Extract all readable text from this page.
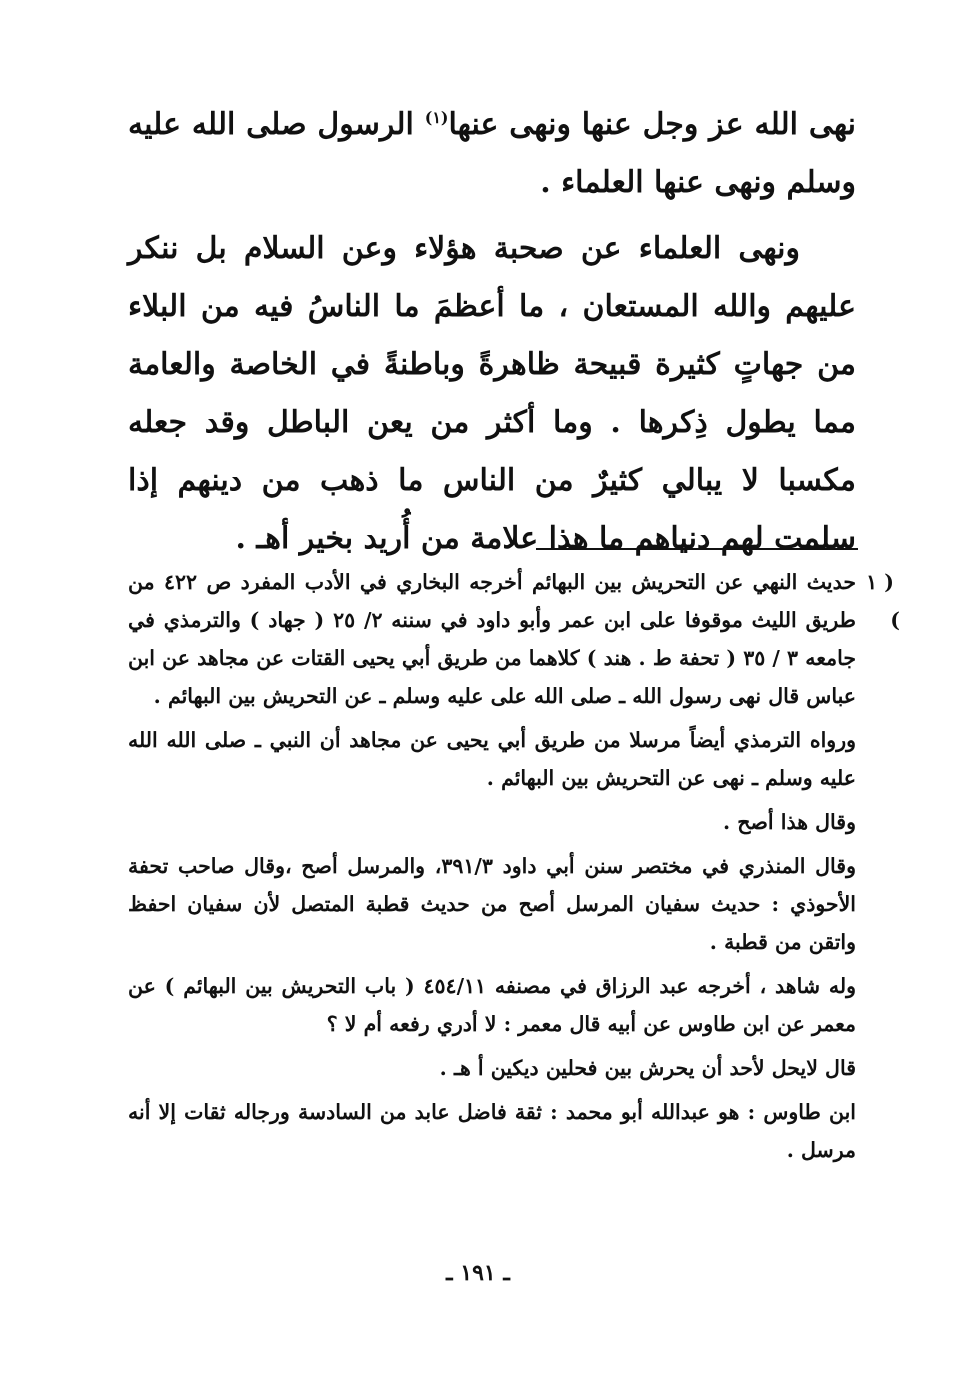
نهى الله عز وجل عنها ونهى عنها$^{(١)}$ الرسول صلى الله عليه وسلم ونهى عنها العلماء .

ونهى العلماء عن صحبة هؤلاء وعن السلام بل ننكر عليهم والله المستعان ، ما أعظمَ ما الناسُ فيه من البلاء من جهاتٍ كثيرة قبيحة ظاهرةً وباطنةً في الخاصة والعامة مما يطول ذِكرها . وما أكثر من يعن الباطل وقد جعله مكسبا لا يبالي كثيرٌ من الناس ما ذهب من دينهم إذا سلمت لهم دنياهم ما هذا علامة من أُريد بخير أهـ .

( ١ )
حديث النهي عن التحريش بين البهائم أخرجه البخاري في الأدب المفرد ص ٤٢٢ من طريق الليث موقوفا على ابن عمر وأبو داود في سننه ٢/ ٢٥ ( جهاد ) والترمذي في جامعه ٣ / ٣٥ ( تحفة ط . هند ) كلاهما من طريق أبي يحيى القتات عن مجاهد عن ابن عباس قال نهى رسول الله ـ صلى الله على عليه وسلم ـ عن التحريش بين البهائم .

ورواه الترمذي أيضاً مرسلا من طريق أبي يحيى عن مجاهد أن النبي ـ صلى الله الله عليه وسلم ـ نهى عن التحريش بين البهائم .

وقال هذا أصح .

وقال المنذري في مختصر سنن أبي داود ٣٩١/٣، والمرسل أصح ،وقال صاحب تحفة الأحوذي : حديث سفيان المرسل أصح من حديث قطبة المتصل لأن سفيان احفظ واتقن من قطبة .

وله شاهد ، أخرجه عبد الرزاق في مصنفه ٤٥٤/١١ ( باب التحريش بين البهائم ) عن معمر عن ابن طاوس عن أبيه قال معمر : لا أدري رفعه أم لا ؟

قال لايحل لأحد أن يحرش بين فحلين ديكين أ هـ .

ابن طاوس : هو عبدالله أبو محمد : ثقة فاضل عابد من السادسة ورجاله ثقات إلا أنه مرسل .

ـ ١٩١ ـ
